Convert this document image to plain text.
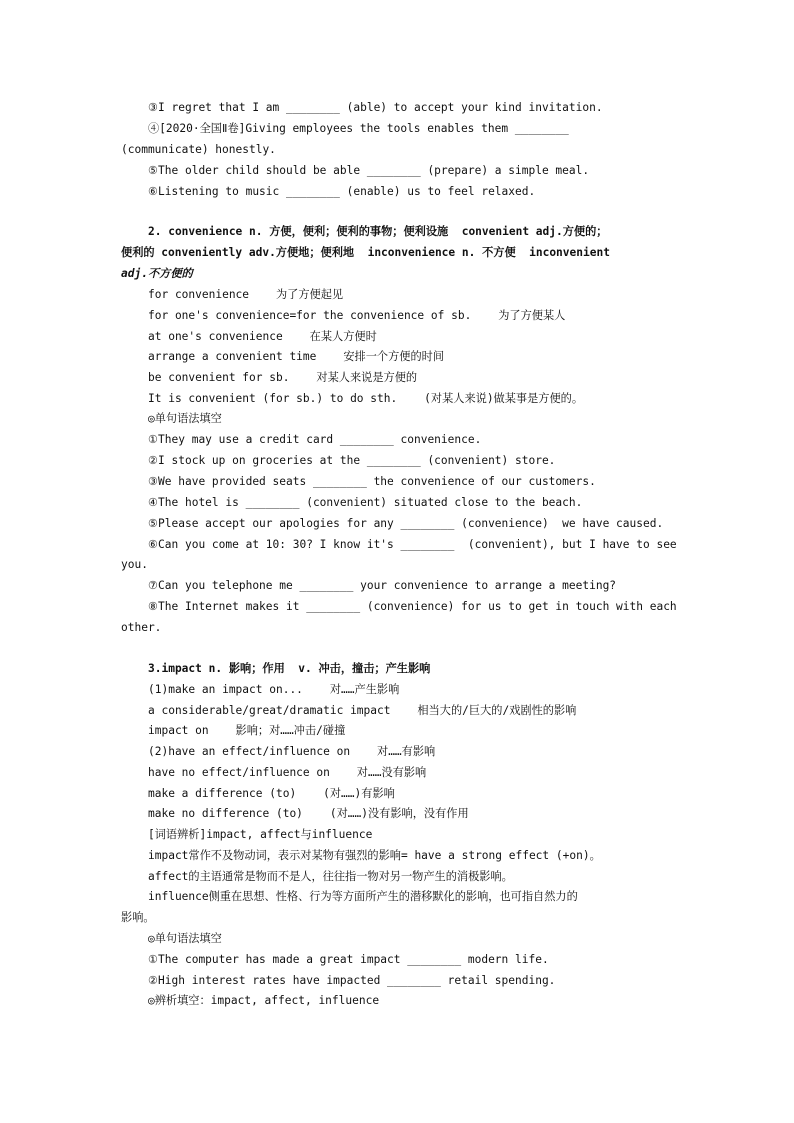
③I regret that I am ________ (able) to accept your kind invitation.
④[2020·全国Ⅱ卷]Giving employees the tools enables them ________
(communicate) honestly.
⑤The older child should be able ________ (prepare) a simple meal.
⑥Listening to music ________ (enable) us to feel relaxed.
2. convenience n. 方便，便利；便利的事物；便利设施  convenient adj.方便的；
便利的 conveniently adv.方便地；便利地  inconvenience n. 不方便  inconvenient
adj.不方便的
for convenience    为了方便起见
for one's convenience=for the convenience of sb.    为了方便某人
at one's convenience    在某人方便时
arrange a convenient time    安排一个方便的时间
be convenient for sb.    对某人来说是方便的
It is convenient (for sb.) to do sth.    (对某人来说)做某事是方便的。
◎单句语法填空
①They may use a credit card ________ convenience.
②I stock up on groceries at the ________ (convenient) store.
③We have provided seats ________ the convenience of our customers.
④The hotel is ________ (convenient) situated close to the beach.
⑤Please accept our apologies for any ________ (convenience)  we have caused.
⑥Can you come at 10: 30? I know it's ________  (convenient), but I have to see
you.
⑦Can you telephone me ________ your convenience to arrange a meeting?
⑧The Internet makes it ________ (convenience) for us to get in touch with each
other.
3.impact n. 影响；作用  v. 冲击，撞击；产生影响
(1)make an impact on...    对……产生影响
a considerable/great/dramatic impact    相当大的/巨大的/戏剧性的影响
impact on    影响；对……冲击/碰撞
(2)have an effect/influence on    对……有影响
have no effect/influence on    对……没有影响
make a difference (to)    (对……)有影响
make no difference (to)    (对……)没有影响，没有作用
[词语辨析]impact, affect与influence
impact常作不及物动词，表示对某物有强烈的影响= have a strong effect (+on)。
affect的主语通常是物而不是人，往往指一物对另一物产生的消极影响。
influence侧重在思想、性格、行为等方面所产生的潜移默化的影响，也可指自然力的
影响。
◎单句语法填空
①The computer has made a great impact ________ modern life.
②High interest rates have impacted ________ retail spending.
◎辨析填空：impact, affect, influence
